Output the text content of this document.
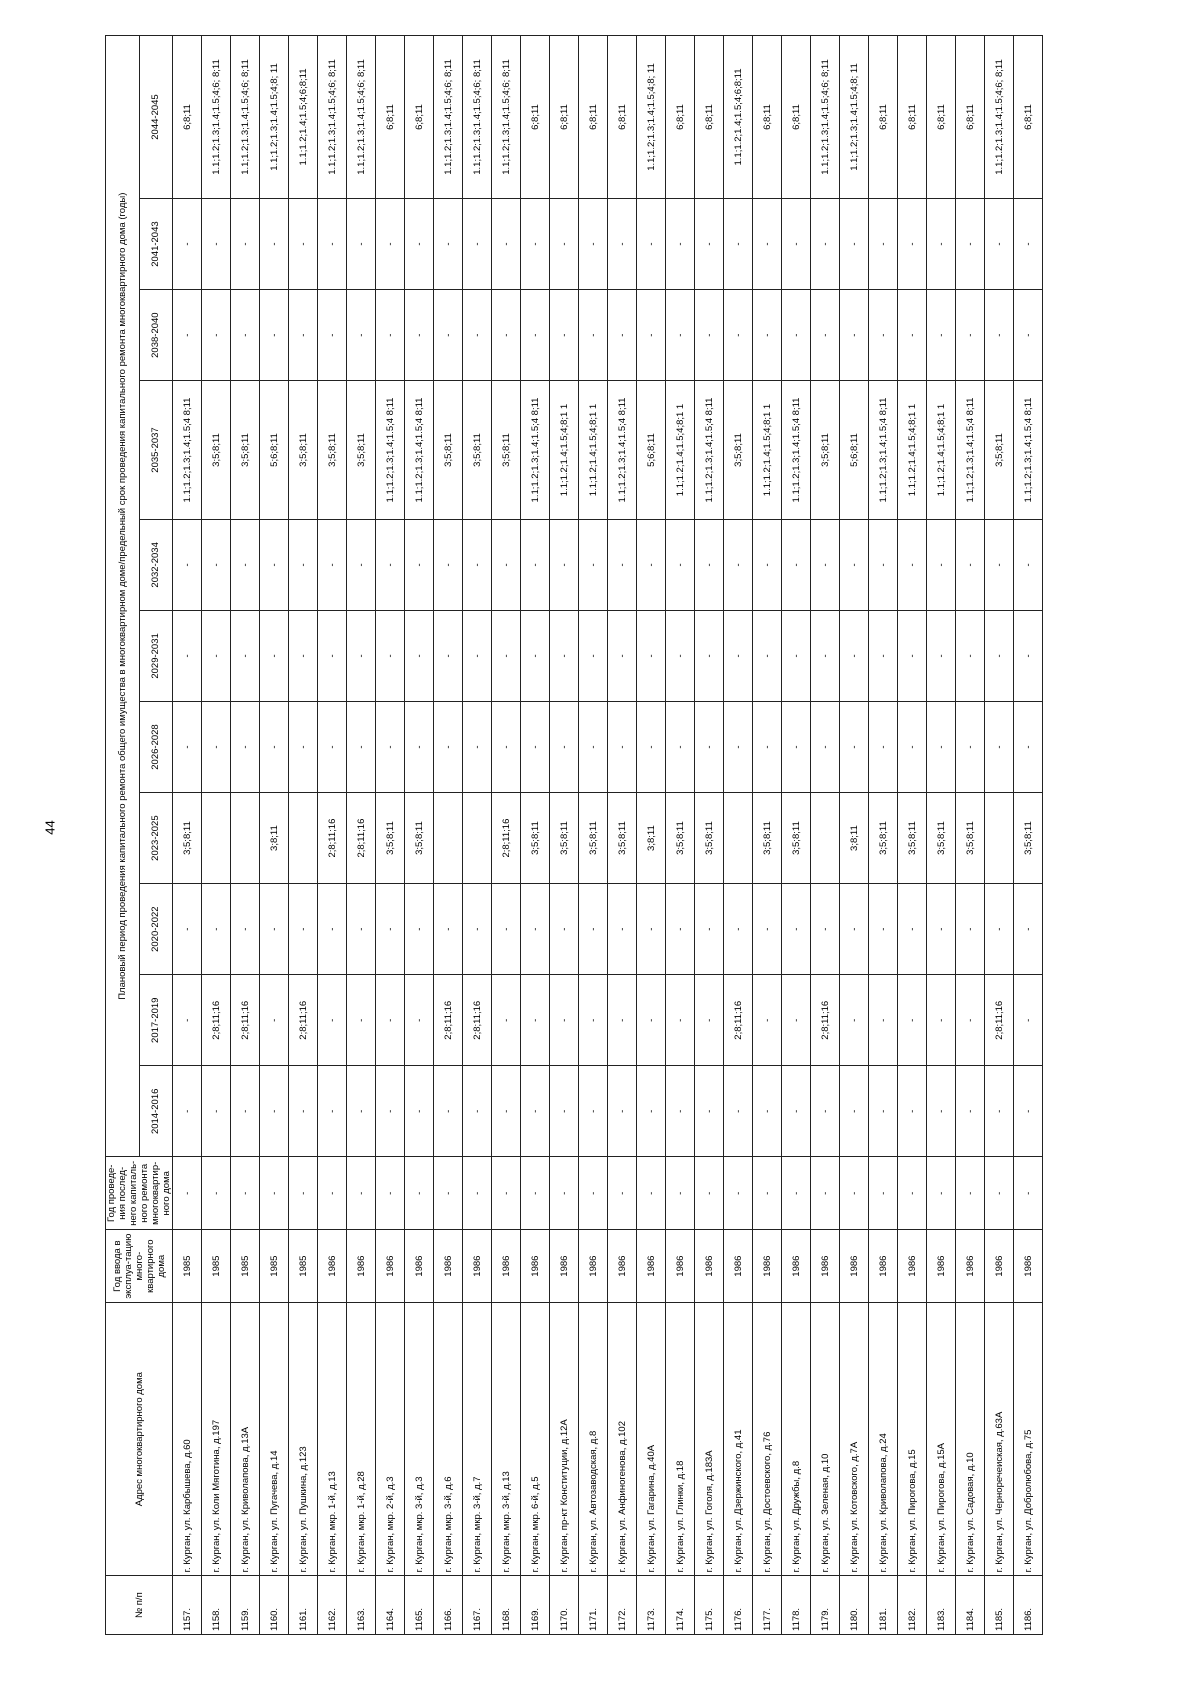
44
№ п/п	Адрес многоквартирного дома	Год ввода в эксплуа-тацию много-квартирного дома	Год проведе-ния послед-него капиталь-ного ремонта многоквартир-ного дома	Плановый период проведения капитального ремонта общего имущества в многоквартирном доме/предельный срок проведения капитального ремонта многоквартирного дома (годы)										
				2014-2016	2017-2019	2020-2022	2023-2025	2026-2028	2029-2031	2032-2034	2035-2037	2038-2040	2041-2043	2044-2045
1157.	г. Курган, ул. Карбышева, д.60	1985	-	-	-	-	3;5;8;11	-	-	-	1.1;1.2;1.3;1.4;1.5;4 8;11	-	-	6;8;11
1158.	г. Курган, ул. Коли Мяготина, д.197	1985	-	-	2;8;11;16	-		-	-	-	3;5;8;11	-	-	1.1;1.2;1.3;1.4;1.5;4;6; 8;11
1159.	г. Курган, ул. Криволапова, д.13А	1985	-	-	2;8;11;16	-		-	-	-	3;5;8;11	-	-	1.1;1.2;1.3;1.4;1.5;4;6; 8;11
1160.	г. Курган, ул. Пугачева, д.14	1985	-	-	-	-	3;8;11	-	-	-	5;6;8;11	-	-	1.1;1.2;1.3;1.4;1.5;4;8; 11
1161.	г. Курган, ул. Пушкина, д.123	1985	-	-	2;8;11;16	-		-	-	-	3;5;8;11	-	-	1.1;1.2;1.4;1.5;4;6;8;11
1162.	г. Курган, мкр. 1-й, д.13	1986	-	-	-	-	2;8;11;16	-	-	-	3;5;8;11	-	-	1.1;1.2;1.3;1.4;1.5;4;6; 8;11
1163.	г. Курган, мкр. 1-й, д.28	1986	-	-	-	-	2;8;11;16	-	-	-	3;5;8;11	-	-	1.1;1.2;1.3;1.4;1.5;4;6; 8;11
1164.	г. Курган, мкр. 2-й, д.3	1986	-	-	-	-	3;5;8;11	-	-	-	1.1;1.2;1.3;1.4;1.5;4 8;11	-	-	6;8;11
1165.	г. Курган, мкр. 3-й, д.3	1986	-	-	-	-	3;5;8;11	-	-	-	1.1;1.2;1.3;1.4;1.5;4 8;11	-	-	6;8;11
1166.	г. Курган, мкр. 3-й, д.6	1986	-	-	2;8;11;16	-		-	-	-	3;5;8;11	-	-	1.1;1.2;1.3;1.4;1.5;4;6; 8;11
1167.	г. Курган, мкр. 3-й, д.7	1986	-	-	2;8;11;16	-		-	-	-	3;5;8;11	-	-	1.1;1.2;1.3;1.4;1.5;4;6; 8;11
1168.	г. Курган, мкр. 3-й, д.13	1986	-	-	-	-	2;8;11;16	-	-	-	3;5;8;11	-	-	1.1;1.2;1.3;1.4;1.5;4;6; 8;11
1169.	г. Курган, мкр. 6-й, д.5	1986	-	-	-	-	3;5;8;11	-	-	-	1.1;1.2;1.3;1.4;1.5;4 8;11	-	-	6;8;11
1170.	г. Курган, пр-кт Конституции, д.12А	1986	-	-	-	-	3;5;8;11	-	-	-	1.1;1.2;1.4;1.5;4;8;1 1	-	-	6;8;11
1171.	г. Курган, ул. Автозаводская, д.8	1986	-	-	-	-	3;5;8;11	-	-	-	1.1;1.2;1.4;1.5;4;8;1 1	-	-	6;8;11
1172.	г. Курган, ул. Анфиногенова, д.102	1986	-	-	-	-	3;5;8;11	-	-	-	1.1;1.2;1.3;1.4;1.5;4 8;11	-	-	6;8;11
1173.	г. Курган, ул. Гагарина, д.40А	1986	-	-	-	-	3;8;11	-	-	-	5;6;8;11	-	-	1.1;1.2;1.3;1.4;1.5;4;8; 11
1174.	г. Курган, ул. Глинки, д.18	1986	-	-	-	-	3;5;8;11	-	-	-	1.1;1.2;1.4;1.5;4;8;1 1	-	-	6;8;11
1175.	г. Курган, ул. Гоголя, д.183А	1986	-	-	-	-	3;5;8;11	-	-	-	1.1;1.2;1.3;1.4;1.5;4 8;11	-	-	6;8;11
1176.	г. Курган, ул. Дзержинского, д.41	1986	-	-	2;8;11;16	-		-	-	-	3;5;8;11	-	-	1.1;1.2;1.4;1.5;4;6;8;11
1177.	г. Курган, ул. Достоевского, д.76	1986	-	-	-	-	3;5;8;11	-	-	-	1.1;1.2;1.4;1.5;4;8;1 1	-	-	6;8;11
1178.	г. Курган, ул. Дружбы, д.8	1986	-	-	-	-	3;5;8;11	-	-	-	1.1;1.2;1.3;1.4;1.5;4 8;11	-	-	6;8;11
1179.	г. Курган, ул. Зеленая, д.10	1986	-	-	2;8;11;16	-		-	-	-	3;5;8;11	-	-	1.1;1.2;1.3;1.4;1.5;4;6; 8;11
1180.	г. Курган, ул. Котовского, д.7А	1986	-	-	-	-	3;8;11	-	-	-	5;6;8;11	-	-	1.1;1.2;1.3;1.4;1.5;4;8; 11
1181.	г. Курган, ул. Криволапова, д.24	1986	-	-	-	-	3;5;8;11	-	-	-	1.1;1.2;1.3;1.4;1.5;4 8;11	-	-	6;8;11
1182.	г. Курган, ул. Пирогова, д.15	1986	-	-	-	-	3;5;8;11	-	-	-	1.1;1.2;1.4;1.5;4;8;1 1	-	-	6;8;11
1183.	г. Курган, ул. Пирогова, д.15А	1986	-	-	-	-	3;5;8;11	-	-	-	1.1;1.2;1.4;1.5;4;8;1 1	-	-	6;8;11
1184.	г. Курган, ул. Садовая, д.10	1986	-	-	-	-	3;5;8;11	-	-	-	1.1;1.2;1.3;1.4;1.5;4 8;11	-	-	6;8;11
1185.	г. Курган, ул. Черноречеиская, д.63А	1986	-	-	2;8;11;16	-		-	-	-	3;5;8;11	-	-	1.1;1.2;1.3;1.4;1.5;4;6; 8;11
1186.	г. Курган, ул. Добролюбова, д.75	1986	-	-	-	-	3;5;8;11	-	-	-	1.1;1.2;1.3;1.4;1.5;4 8;11	-	-	6;8;11
